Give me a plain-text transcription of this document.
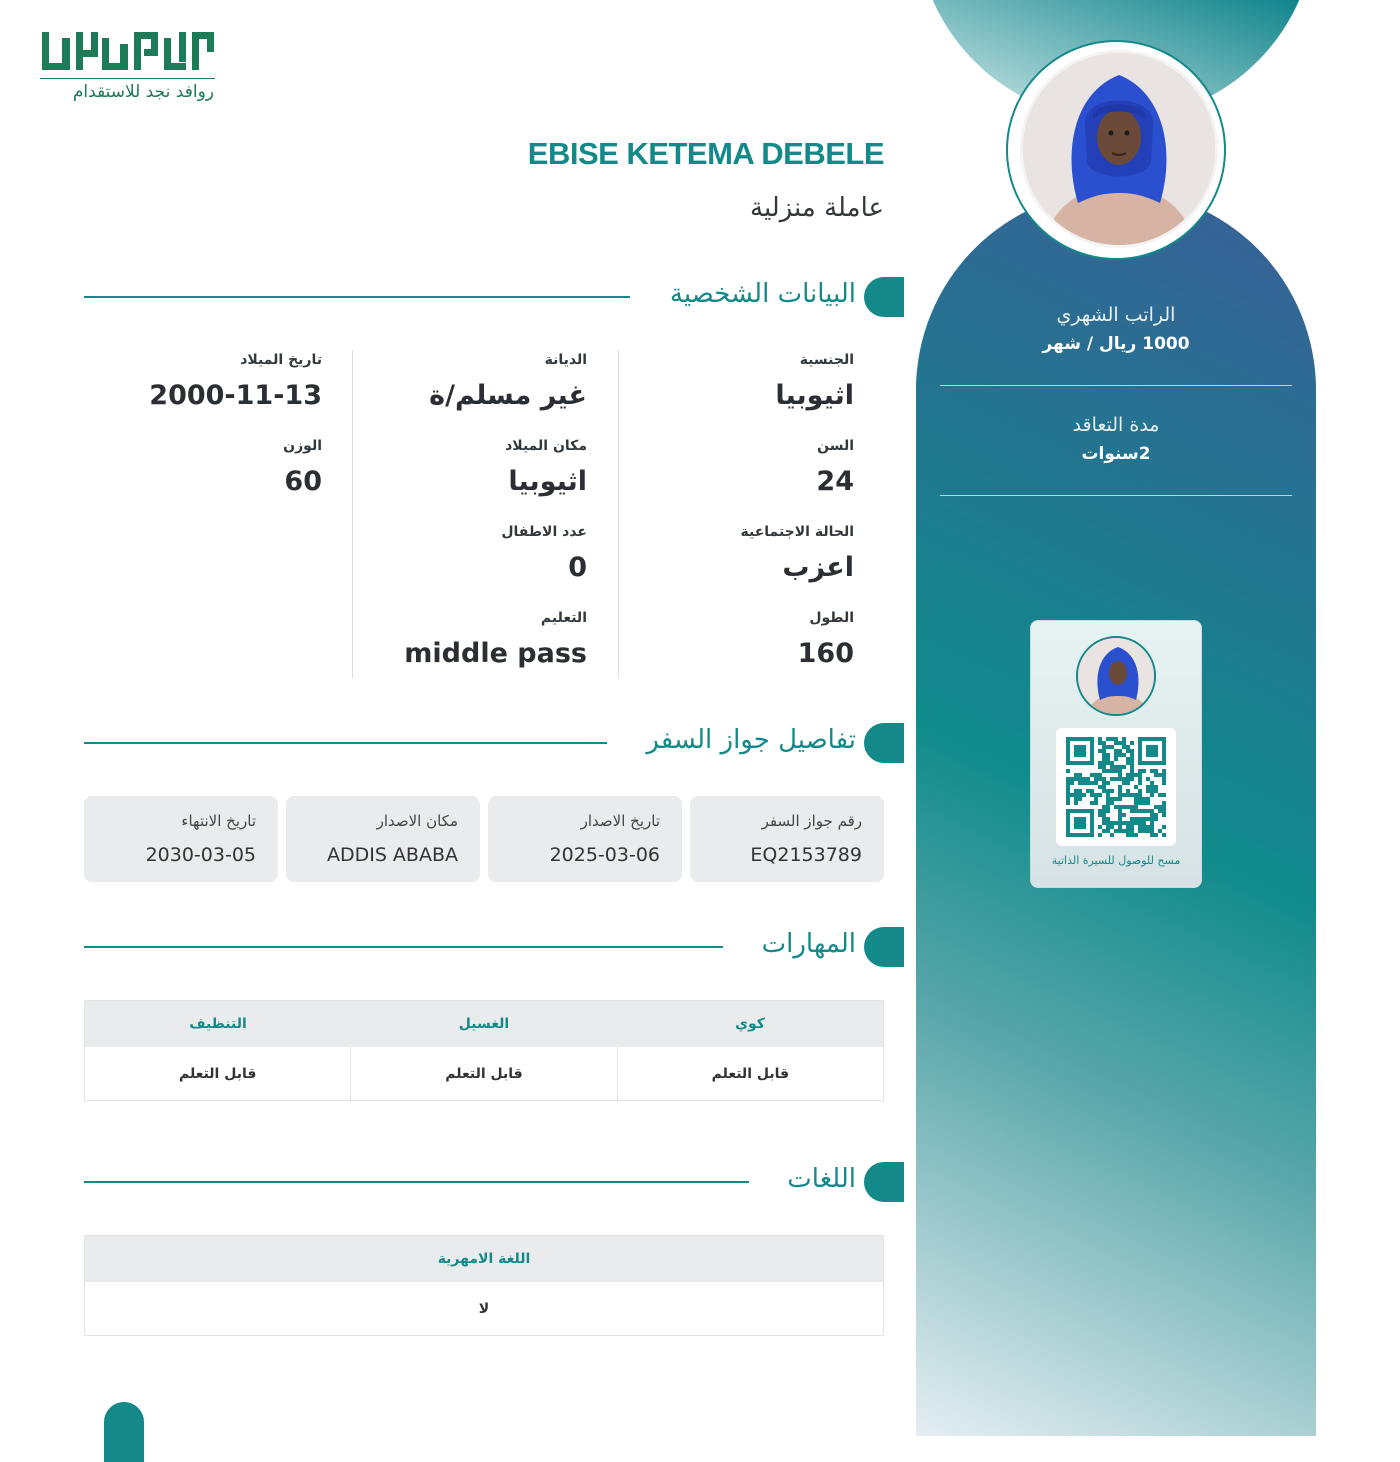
الراتب الشهري
1000 ريال / شهر
مدة التعاقد
2سنوات
مسح للوصول للسيرة الذاتية
روافد نجد للاستقدام
EBISE KETEMA DEBELE
عاملة منزلية
البيانات الشخصية
الجنسية
اثيوبيا
السن
24
الحالة الاجتماعية
اعزب
الطول
160
الديانة
غير مسلم/ة
مكان الميلاد
اثيوبيا
عدد الاطفال
0
التعليم
middle pass
تاريخ الميلاد
2000-11-13
الوزن
60
تفاصيل جواز السفر
رقم جواز السفر
EQ2153789
تاريخ الاصدار
2025-03-06
مكان الاصدار
ADDIS ABABA
تاريخ الانتهاء
2030-03-05
المهارات
كوي
الغسيل
التنظيف
قابل التعلم
قابل التعلم
قابل التعلم
اللغات
اللغة الامهرية
لا
